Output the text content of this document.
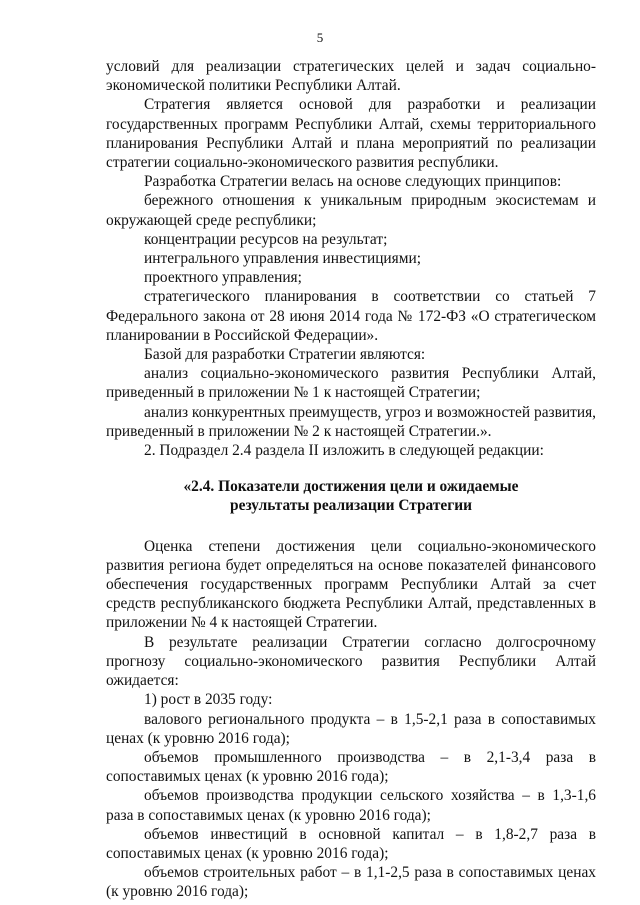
5

условий для реализации стратегических целей и задач социально-экономической политики Республики Алтай.

Стратегия является основой для разработки и реализации государственных программ Республики Алтай, схемы территориального планирования Республики Алтай и плана мероприятий по реализации стратегии социально-экономического развития республики.

Разработка Стратегии велась на основе следующих принципов:

бережного отношения к уникальным природным экосистемам и окружающей среде республики;

концентрации ресурсов на результат;

интегрального управления инвестициями;

проектного управления;

стратегического планирования в соответствии со статьей 7 Федерального закона от 28 июня 2014 года № 172-ФЗ «О стратегическом планировании в Российской Федерации».

Базой для разработки Стратегии являются:

анализ социально-экономического развития Республики Алтай, приведенный в приложении № 1 к настоящей Стратегии;

анализ конкурентных преимуществ, угроз и возможностей развития, приведенный в приложении № 2 к настоящей Стратегии.».

2. Подраздел 2.4 раздела II изложить в следующей редакции:

«2.4. Показатели достижения цели и ожидаемые результаты реализации Стратегии

Оценка степени достижения цели социально-экономического развития региона будет определяться на основе показателей финансового обеспечения государственных программ Республики Алтай за счет средств республиканского бюджета Республики Алтай, представленных в приложении № 4 к настоящей Стратегии.

В результате реализации Стратегии согласно долгосрочному прогнозу социально-экономического развития Республики Алтай ожидается:

1) рост в 2035 году:

валового регионального продукта – в 1,5-2,1 раза в сопоставимых ценах (к уровню 2016 года);

объемов промышленного производства – в 2,1-3,4 раза в сопоставимых ценах (к уровню 2016 года);

объемов производства продукции сельского хозяйства – в 1,3-1,6 раза в сопоставимых ценах (к уровню 2016 года);

объемов инвестиций в основной капитал – в 1,8-2,7 раза в сопоставимых ценах (к уровню 2016 года);

объемов строительных работ – в 1,1-2,5 раза в сопоставимых ценах (к уровню 2016 года);
